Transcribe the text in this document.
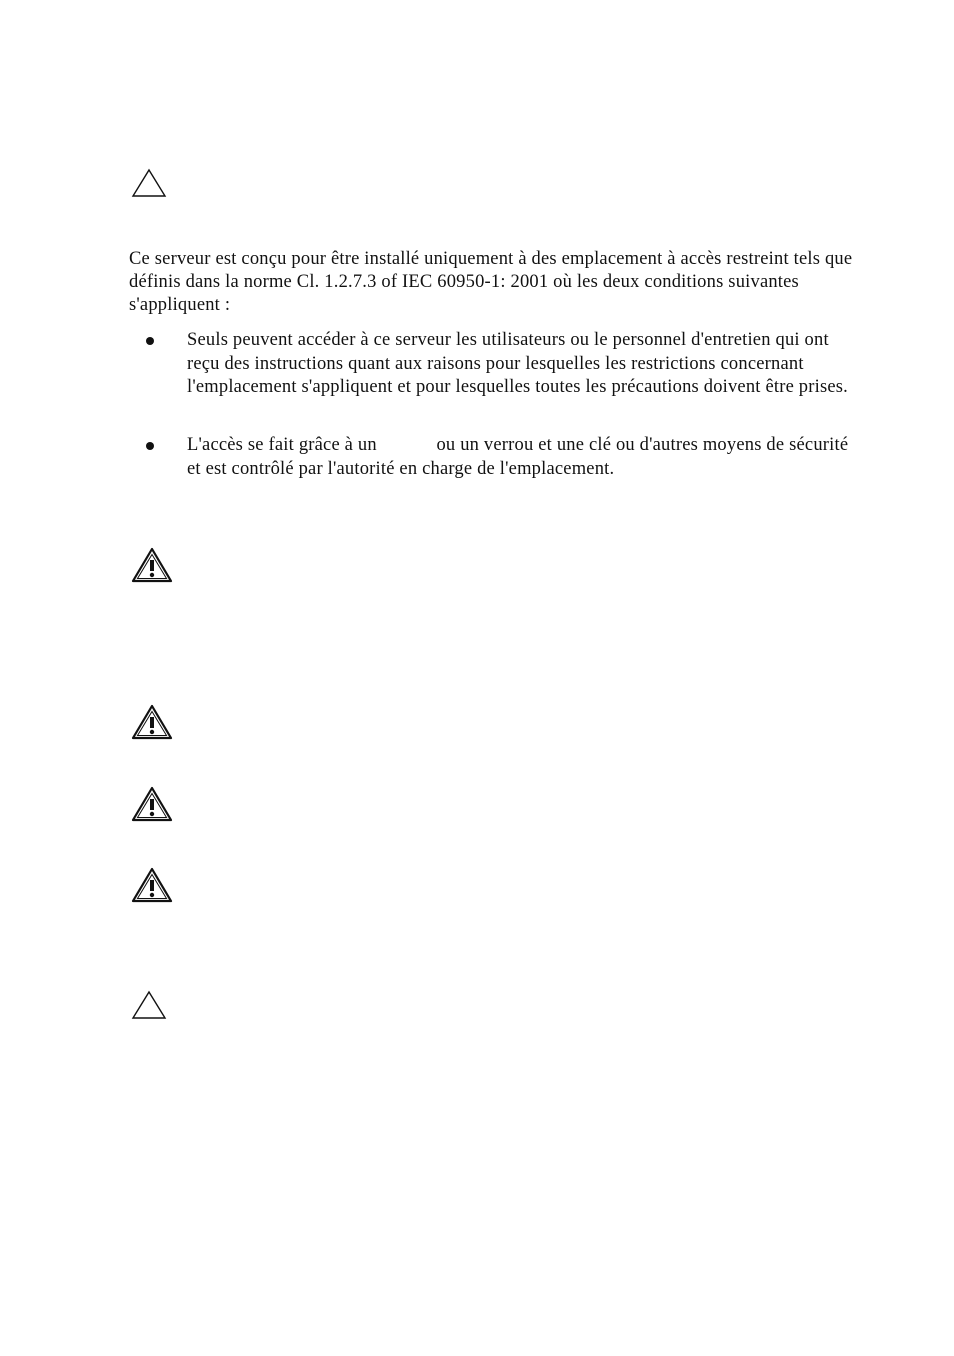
Ce serveur est conçu pour être installé uniquement à des emplacement à accès restreint tels que définis dans la norme Cl. 1.2.7.3 of IEC 60950-1: 2001 où les deux conditions suivantes s'appliquent :

Seuls peuvent accéder à ce serveur les utilisateurs ou le personnel d'entretien qui ont reçu des instructions quant aux raisons pour lesquelles les restrictions concernant l'emplacement s'appliquent et pour lesquelles toutes les précautions doivent être prises.

L'accès se fait grâce à un	ou un verrou et une clé ou d'autres moyens de sécurité et est contrôlé par l'autorité en charge de l'emplacement.
